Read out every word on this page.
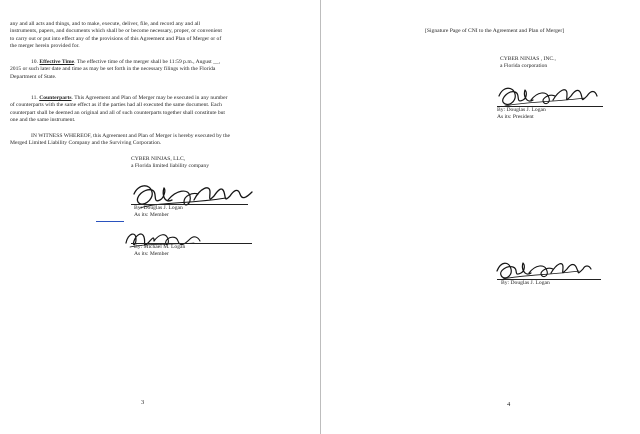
any and all acts and things, and to make, execute, deliver, file, and record any and all
instruments, papers, and documents which shall be or become necessary, proper, or convenient
to carry out or put into effect any of the provisions of this Agreement and Plan of Merger or of
the merger herein provided for.

10. Effective Time. The effective time of the merger shall be 11:59 p.m., August __,
2015 or such later date and time as may be set forth in the necessary filings with the Florida
Department of State.

11. Counterparts. This Agreement and Plan of Merger may be executed in any number
of counterparts with the same effect as if the parties had all executed the same document. Each
counterpart shall be deemed an original and all of such counterparts together shall constitute but
one and the same instrument.

IN WITNESS WHEREOF, this Agreement and Plan of Merger is hereby executed by the
Merged Limited Liability Company and the Surviving Corporation.

CYBER NINJAS, LLC,
a Florida limited liability company

By: Douglas J. Logan
As its: Member

By: Michael M. Logan
As its: Member

3

[Signature Page of CNI to the Agreement and Plan of Merger]

CYBER NINJAS , INC.,
a Florida corporation

By: Douglas J. Logan
As its: President

By: Douglas J. Logan

4
